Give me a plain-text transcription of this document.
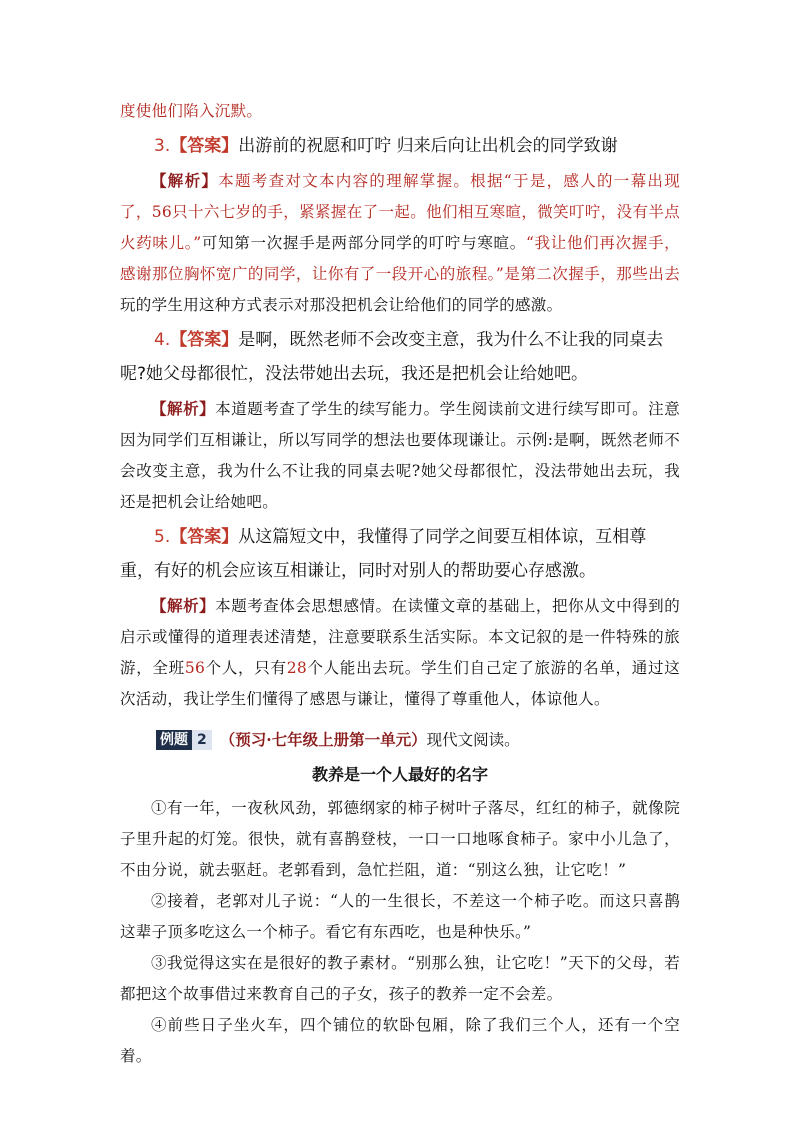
度使他们陷入沉默。

3.【答案】出游前的祝愿和叮咛 归来后向让出机会的同学致谢

【解析】本题考查对文本内容的理解掌握。根据“于是，感人的一幕出现了，56只十六七岁的手，紧紧握在了一起。他们相互寒暄，微笑叮咛，没有半点火药味儿。”可知第一次握手是两部分同学的叮咛与寒暄。“我让他们再次握手，感谢那位胸怀宽广的同学，让你有了一段开心的旅程。”是第二次握手，那些出去玩的学生用这种方式表示对那没把机会让给他们的同学的感激。

4.【答案】是啊，既然老师不会改变主意，我为什么不让我的同桌去呢?她父母都很忙，没法带她出去玩，我还是把机会让给她吧。

【解析】本道题考查了学生的续写能力。学生阅读前文进行续写即可。注意因为同学们互相谦让，所以写同学的想法也要体现谦让。示例:是啊，既然老师不会改变主意，我为什么不让我的同桌去呢?她父母都很忙，没法带她出去玩，我还是把机会让给她吧。

5.【答案】从这篇短文中，我懂得了同学之间要互相体谅，互相尊重，有好的机会应该互相谦让，同时对别人的帮助要心存感激。

【解析】本题考查体会思想感情。在读懂文章的基础上，把你从文中得到的启示或懂得的道理表述清楚，注意要联系生活实际。本文记叙的是一件特殊的旅游，全班56个人，只有28个人能出去玩。学生们自己定了旅游的名单，通过这次活动，我让学生们懂得了感恩与谦让，懂得了尊重他人，体谅他人。

例题 2 （预习·七年级上册第一单元） 现代文阅读。
教养是一个人最好的名字

①有一年，一夜秋风劲，郭德纲家的柿子树叶子落尽，红红的柿子，就像院子里升起的灯笼。很快，就有喜鹊登枝，一口一口地啄食柿子。家中小儿急了，不由分说，就去驱赶。老郭看到，急忙拦阻，道：“别这么独，让它吃！”

②接着，老郭对儿子说：“人的一生很长，不差这一个柿子吃。而这只喜鹊这辈子顶多吃这么一个柿子。看它有东西吃，也是种快乐。”

③我觉得这实在是很好的教子素材。“别那么独，让它吃！”天下的父母，若都把这个故事借过来教育自己的子女，孩子的教养一定不会差。

④前些日子坐火车，四个铺位的软卧包厢，除了我们三个人，还有一个空着。
